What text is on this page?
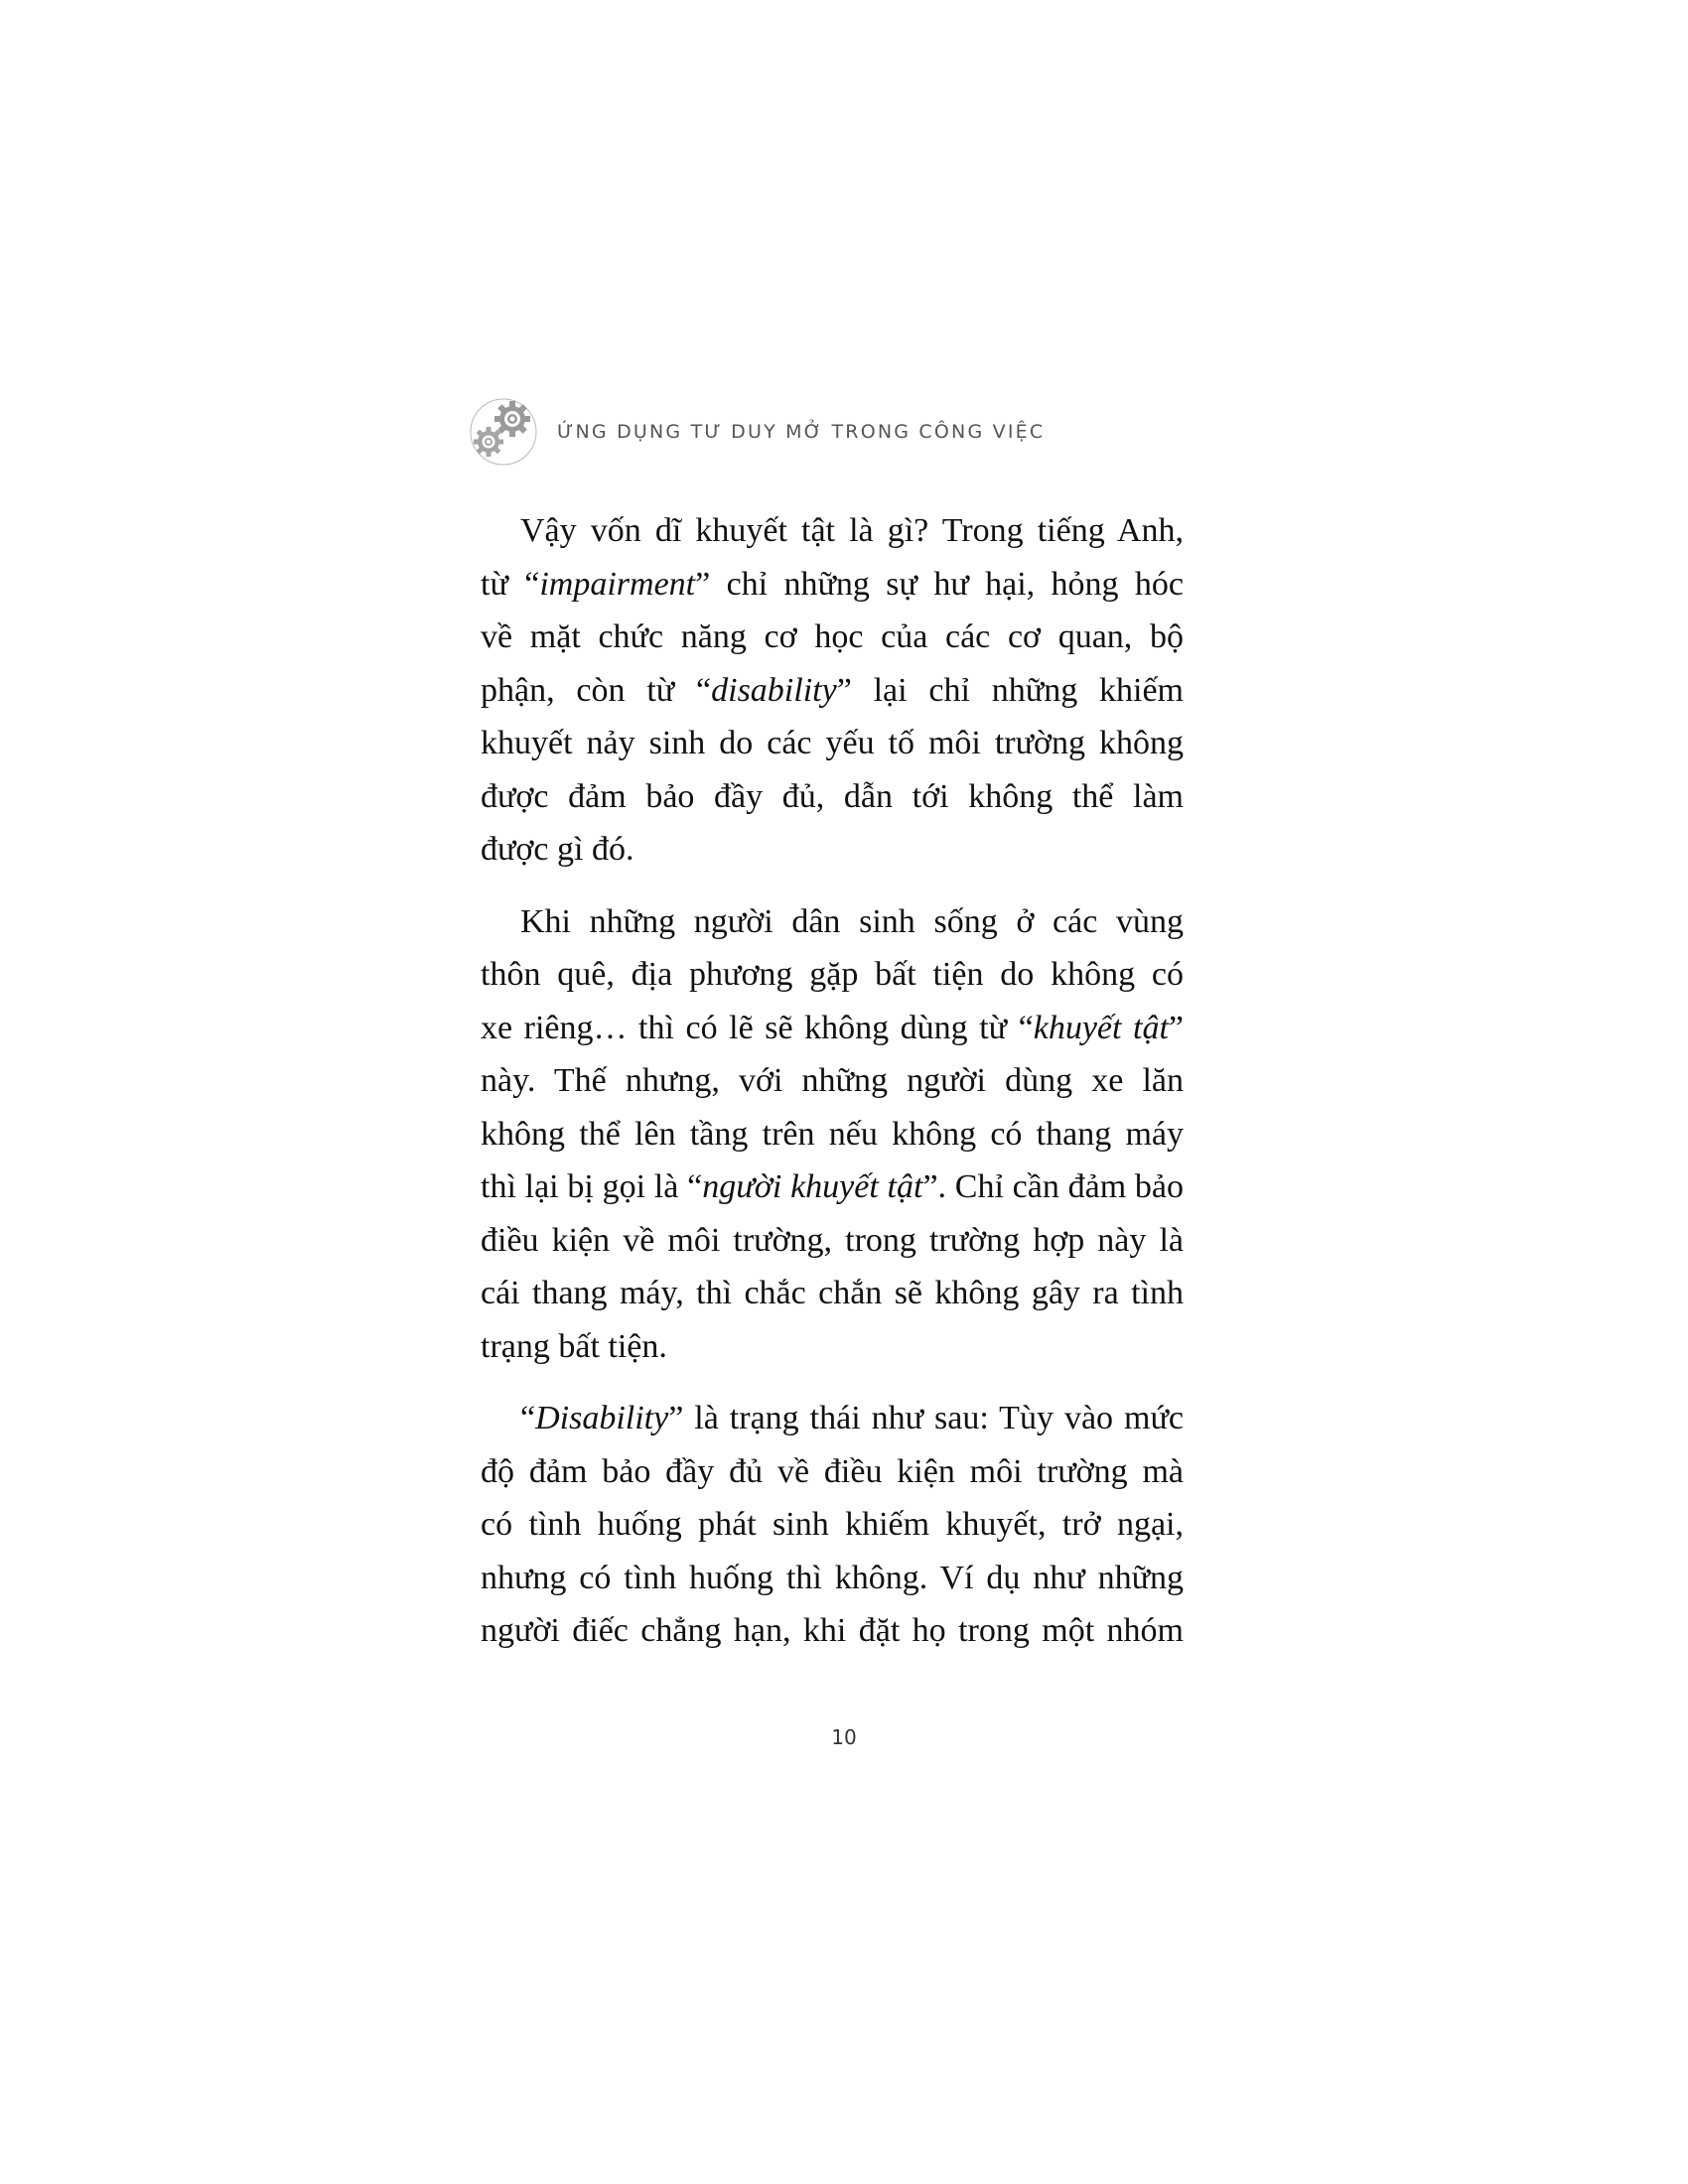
ỨNG DỤNG TƯ DUY MỞ TRONG CÔNG VIỆC

Vậy vốn dĩ khuyết tật là gì? Trong tiếng Anh,
từ “impairment” chỉ những sự hư hại, hỏng hóc
về mặt chức năng cơ học của các cơ quan, bộ
phận, còn từ “disability” lại chỉ những khiếm
khuyết nảy sinh do các yếu tố môi trường không
được đảm bảo đầy đủ, dẫn tới không thể làm
được gì đó.

Khi những người dân sinh sống ở các vùng
thôn quê, địa phương gặp bất tiện do không có
xe riêng… thì có lẽ sẽ không dùng từ “khuyết tật”
này. Thế nhưng, với những người dùng xe lăn
không thể lên tầng trên nếu không có thang máy
thì lại bị gọi là “người khuyết tật”. Chỉ cần đảm bảo
điều kiện về môi trường, trong trường hợp này là
cái thang máy, thì chắc chắn sẽ không gây ra tình
trạng bất tiện.

“Disability” là trạng thái như sau: Tùy vào mức
độ đảm bảo đầy đủ về điều kiện môi trường mà
có tình huống phát sinh khiếm khuyết, trở ngại,
nhưng có tình huống thì không. Ví dụ như những
người điếc chẳng hạn, khi đặt họ trong một nhóm

10
